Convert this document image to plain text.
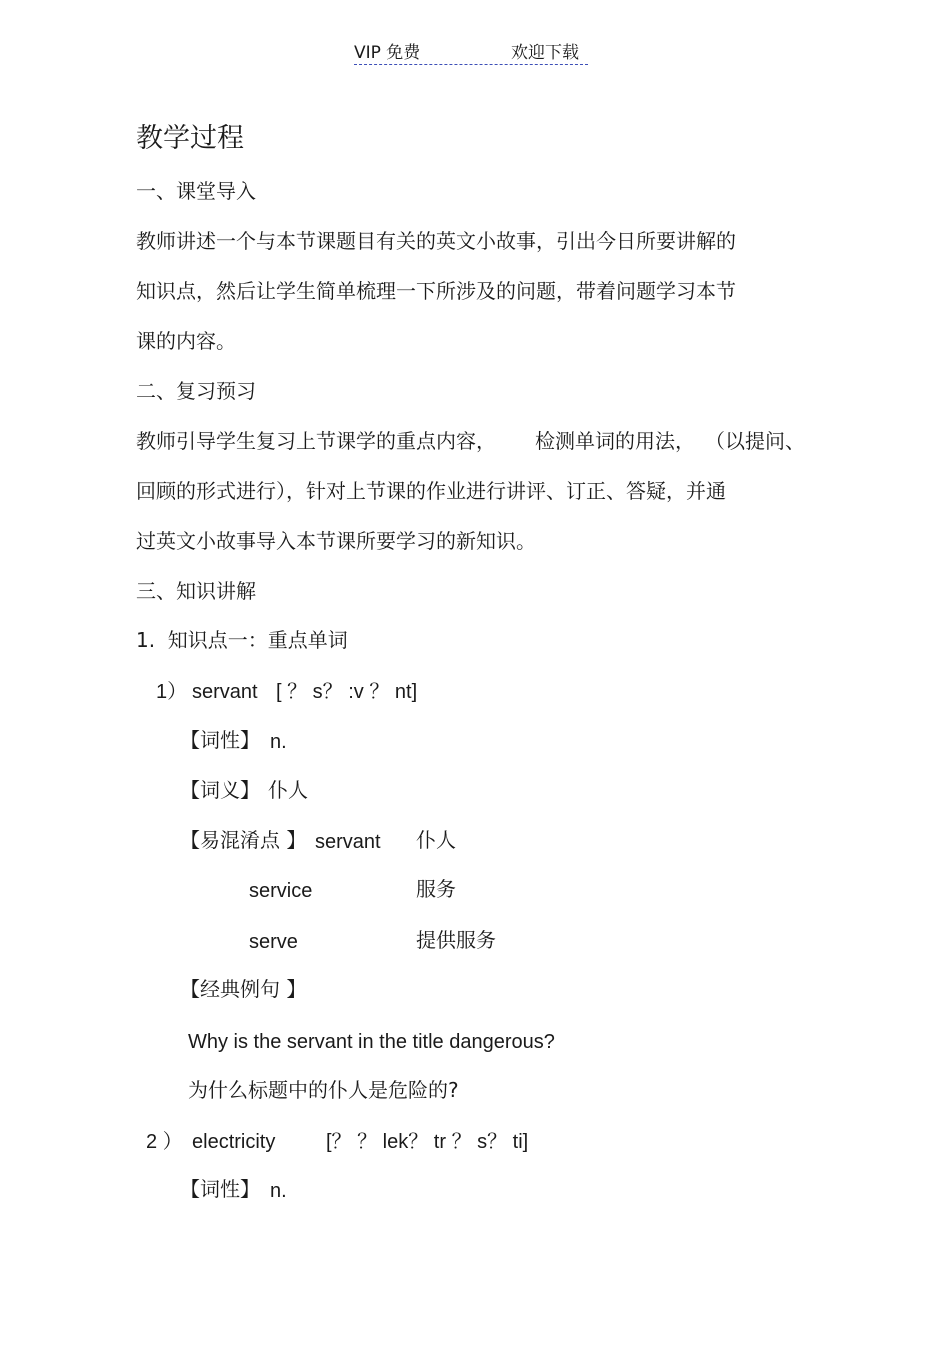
VIP 免费	欢迎下载
教学过程
一、课堂导入
教师讲述一个与本节课题目有关的英文小故事，引出今日所要讲解的
知识点，然后让学生简单梳理一下所涉及的问题，带着问题学习本节
课的内容。
二、复习预习
教师引导学生复习上节课学的重点内容， 检测单词的用法， （以提问、
回顾的形式进行），针对上节课的作业进行讲评、订正、答疑，并通
过英文小故事导入本节课所要学习的新知识。
三、知识讲解
1.  知识点一：重点单词
1） servant [ ？ s？ :v ？ nt]
【词性】 n.
【词义】 仆人
【易混淆点 】 servant 仆人
service	服务
serve	提供服务
【经典例句 】
Why is the servant in the title dangerous?
为什么标题中的仆人是危险的?
2 ） electricity	[？ ？ lek？ tr ？ s？ ti]
【词性】 n.
